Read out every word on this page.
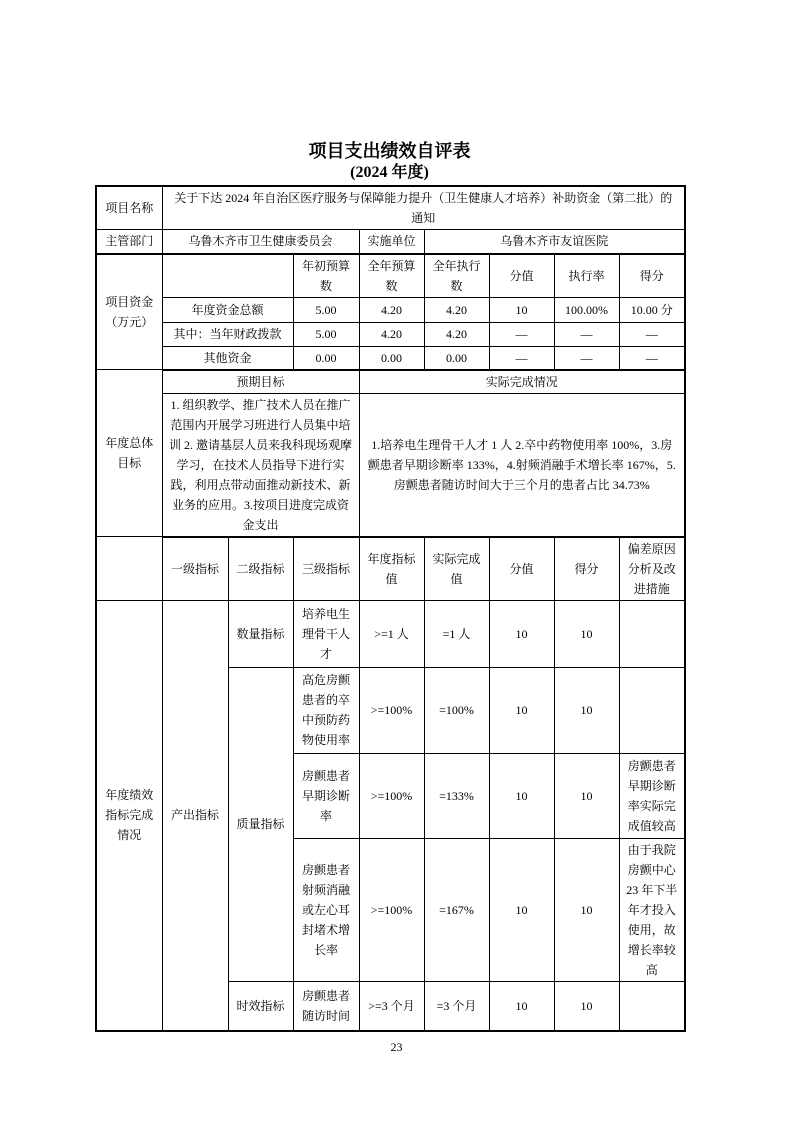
项目支出绩效自评表
(2024 年度)
项目名称	关于下达 2024 年自治区医疗服务与保障能力提升（卫生健康人才培养）补助资金（第二批）的通知							
主管部门	乌鲁木齐市卫生健康委员会			实施单位	乌鲁木齐市友谊医院			
项目资金（万元）			年初预算数	全年预算数	全年执行数	分值	执行率	得分
	年度资金总额		5.00	4.20	4.20	10	100.00%	10.00 分
	其中：当年财政拨款		5.00	4.20	4.20	—	—	—
	其他资金		0.00	0.00	0.00	—	—	—
年度总体目标	预期目标			实际完成情况				
	1. 组织教学、推广技术人员在推广范围内开展学习班进行人员集中培训 2. 邀请基层人员来我科现场观摩学习，在技术人员指导下进行实践，利用点带动面推动新技术、新业务的应用。3.按项目进度完成资金支出			1.培养电生理骨干人才 1 人 2.卒中药物使用率 100%，3.房颤患者早期诊断率 133%，4.射频消融手术增长率 167%，5.房颤患者随访时间大于三个月的患者占比 34.73%				
	一级指标	二级指标	三级指标	年度指标值	实际完成值	分值	得分	偏差原因分析及改进措施
年度绩效指标完成情况	产出指标	数量指标	培养电生理骨干人才	>=1 人	=1 人	10	10	
		质量指标	高危房颤患者的卒中预防药物使用率	>=100%	=100%	10	10	
			房颤患者早期诊断率	>=100%	=133%	10	10	房颤患者早期诊断率实际完成值较高
			房颤患者射频消融或左心耳封堵术增长率	>=100%	=167%	10	10	由于我院房颤中心 23 年下半年才投入使用，故增长率较高
		时效指标	房颤患者随访时间	>=3 个月	=3 个月	10	10	
23
